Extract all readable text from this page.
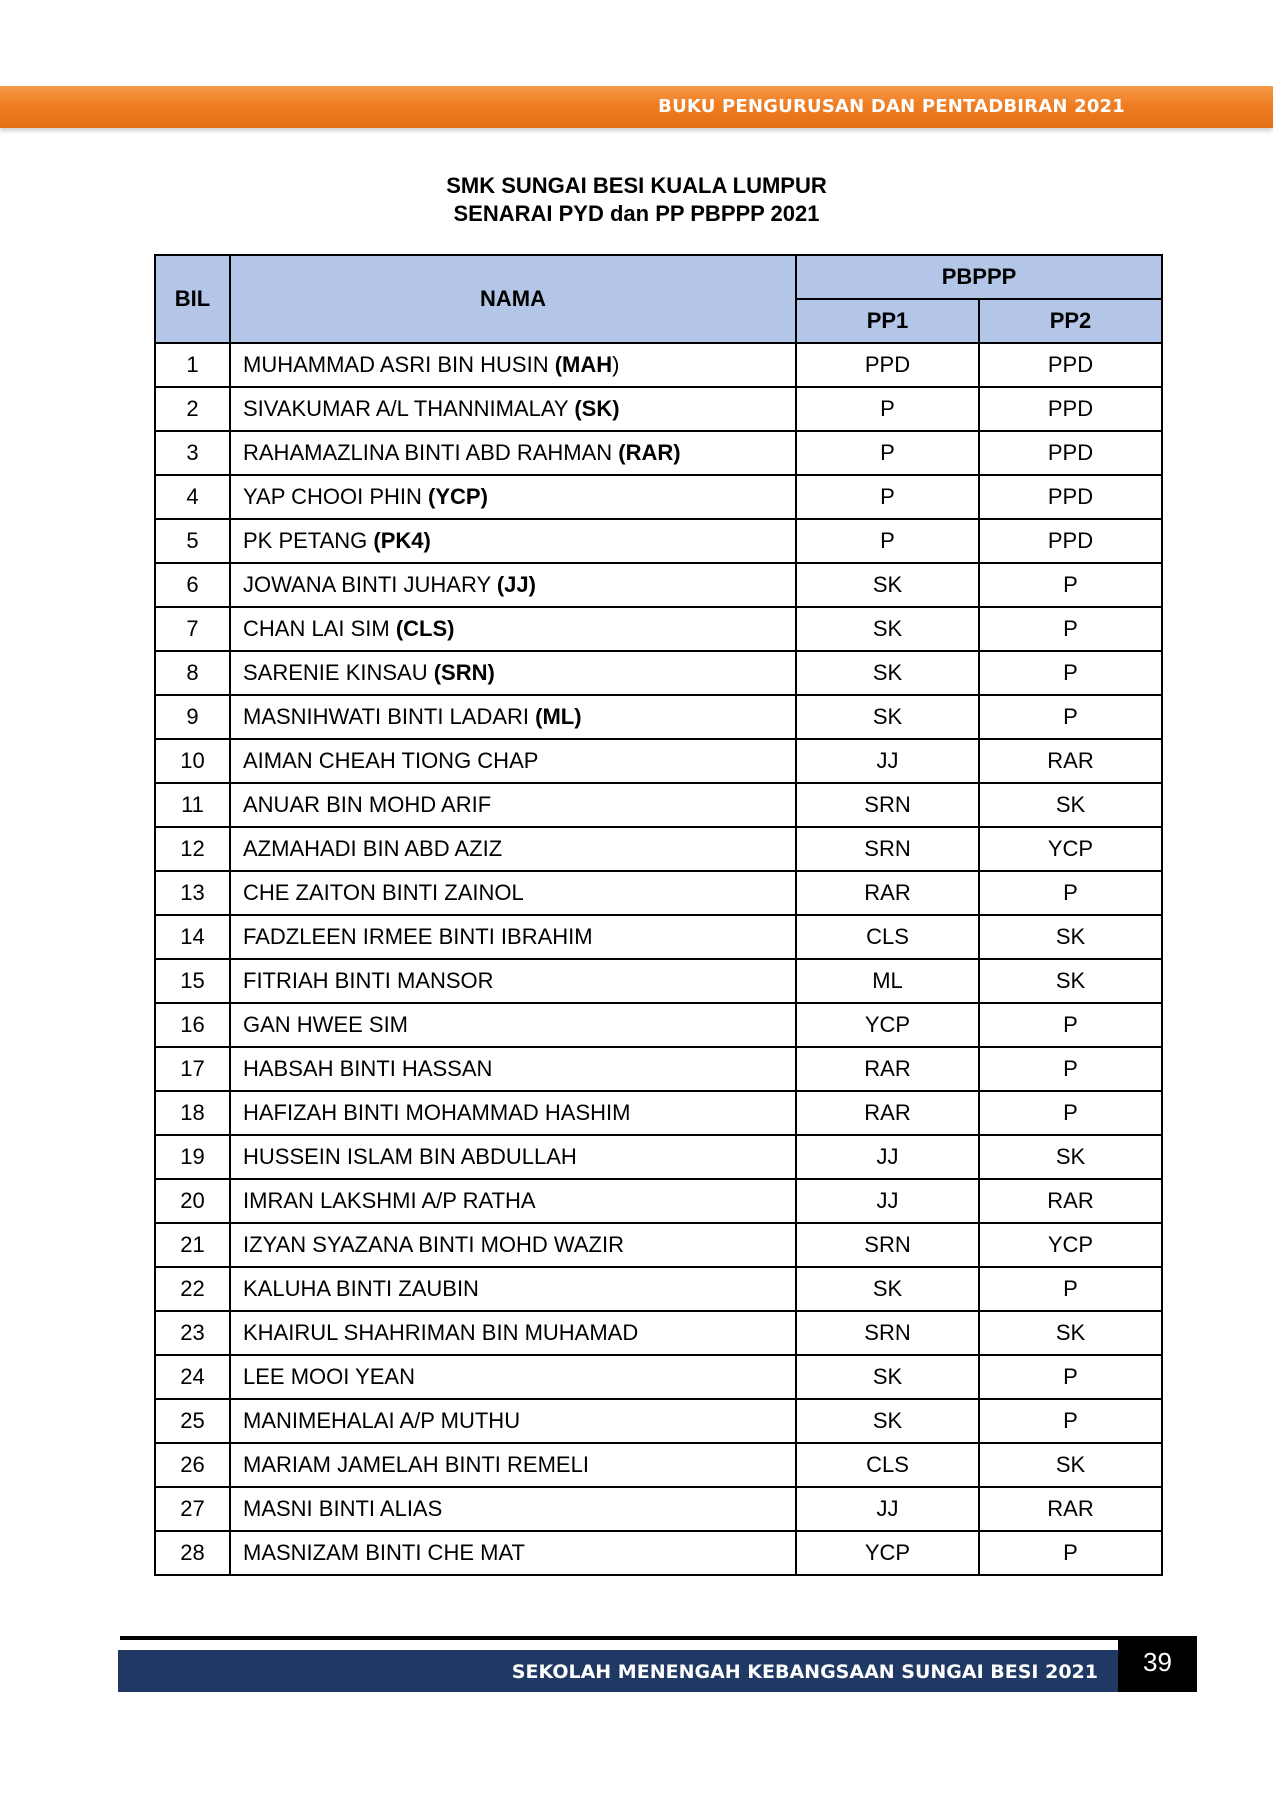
BUKU PENGURUSAN DAN PENTADBIRAN 2021
SMK SUNGAI BESI KUALA LUMPUR
SENARAI PYD dan PP PBPPP 2021
BIL	NAMA	PBPPP	
		PP1	PP2
1	MUHAMMAD ASRI BIN HUSIN (MAH)	PPD	PPD
2	SIVAKUMAR A/L THANNIMALAY (SK)	P	PPD
3	RAHAMAZLINA BINTI ABD RAHMAN (RAR)	P	PPD
4	YAP CHOOI PHIN (YCP)	P	PPD
5	PK PETANG (PK4)	P	PPD
6	JOWANA BINTI JUHARY (JJ)	SK	P
7	CHAN LAI SIM (CLS)	SK	P
8	SARENIE KINSAU (SRN)	SK	P
9	MASNIHWATI BINTI LADARI (ML)	SK	P
10	AIMAN CHEAH TIONG CHAP	JJ	RAR
11	ANUAR BIN MOHD ARIF	SRN	SK
12	AZMAHADI BIN ABD AZIZ	SRN	YCP
13	CHE ZAITON BINTI ZAINOL	RAR	P
14	FADZLEEN IRMEE BINTI IBRAHIM	CLS	SK
15	FITRIAH BINTI MANSOR	ML	SK
16	GAN HWEE SIM	YCP	P
17	HABSAH BINTI HASSAN	RAR	P
18	HAFIZAH BINTI MOHAMMAD HASHIM	RAR	P
19	HUSSEIN ISLAM BIN ABDULLAH	JJ	SK
20	IMRAN LAKSHMI A/P RATHA	JJ	RAR
21	IZYAN SYAZANA BINTI MOHD WAZIR	SRN	YCP
22	KALUHA BINTI ZAUBIN	SK	P
23	KHAIRUL SHAHRIMAN BIN MUHAMAD	SRN	SK
24	LEE MOOI YEAN	SK	P
25	MANIMEHALAI A/P MUTHU	SK	P
26	MARIAM JAMELAH BINTI REMELI	CLS	SK
27	MASNI BINTI ALIAS	JJ	RAR
28	MASNIZAM BINTI CHE MAT	YCP	P
SEKOLAH MENENGAH KEBANGSAAN SUNGAI BESI 2021	39
